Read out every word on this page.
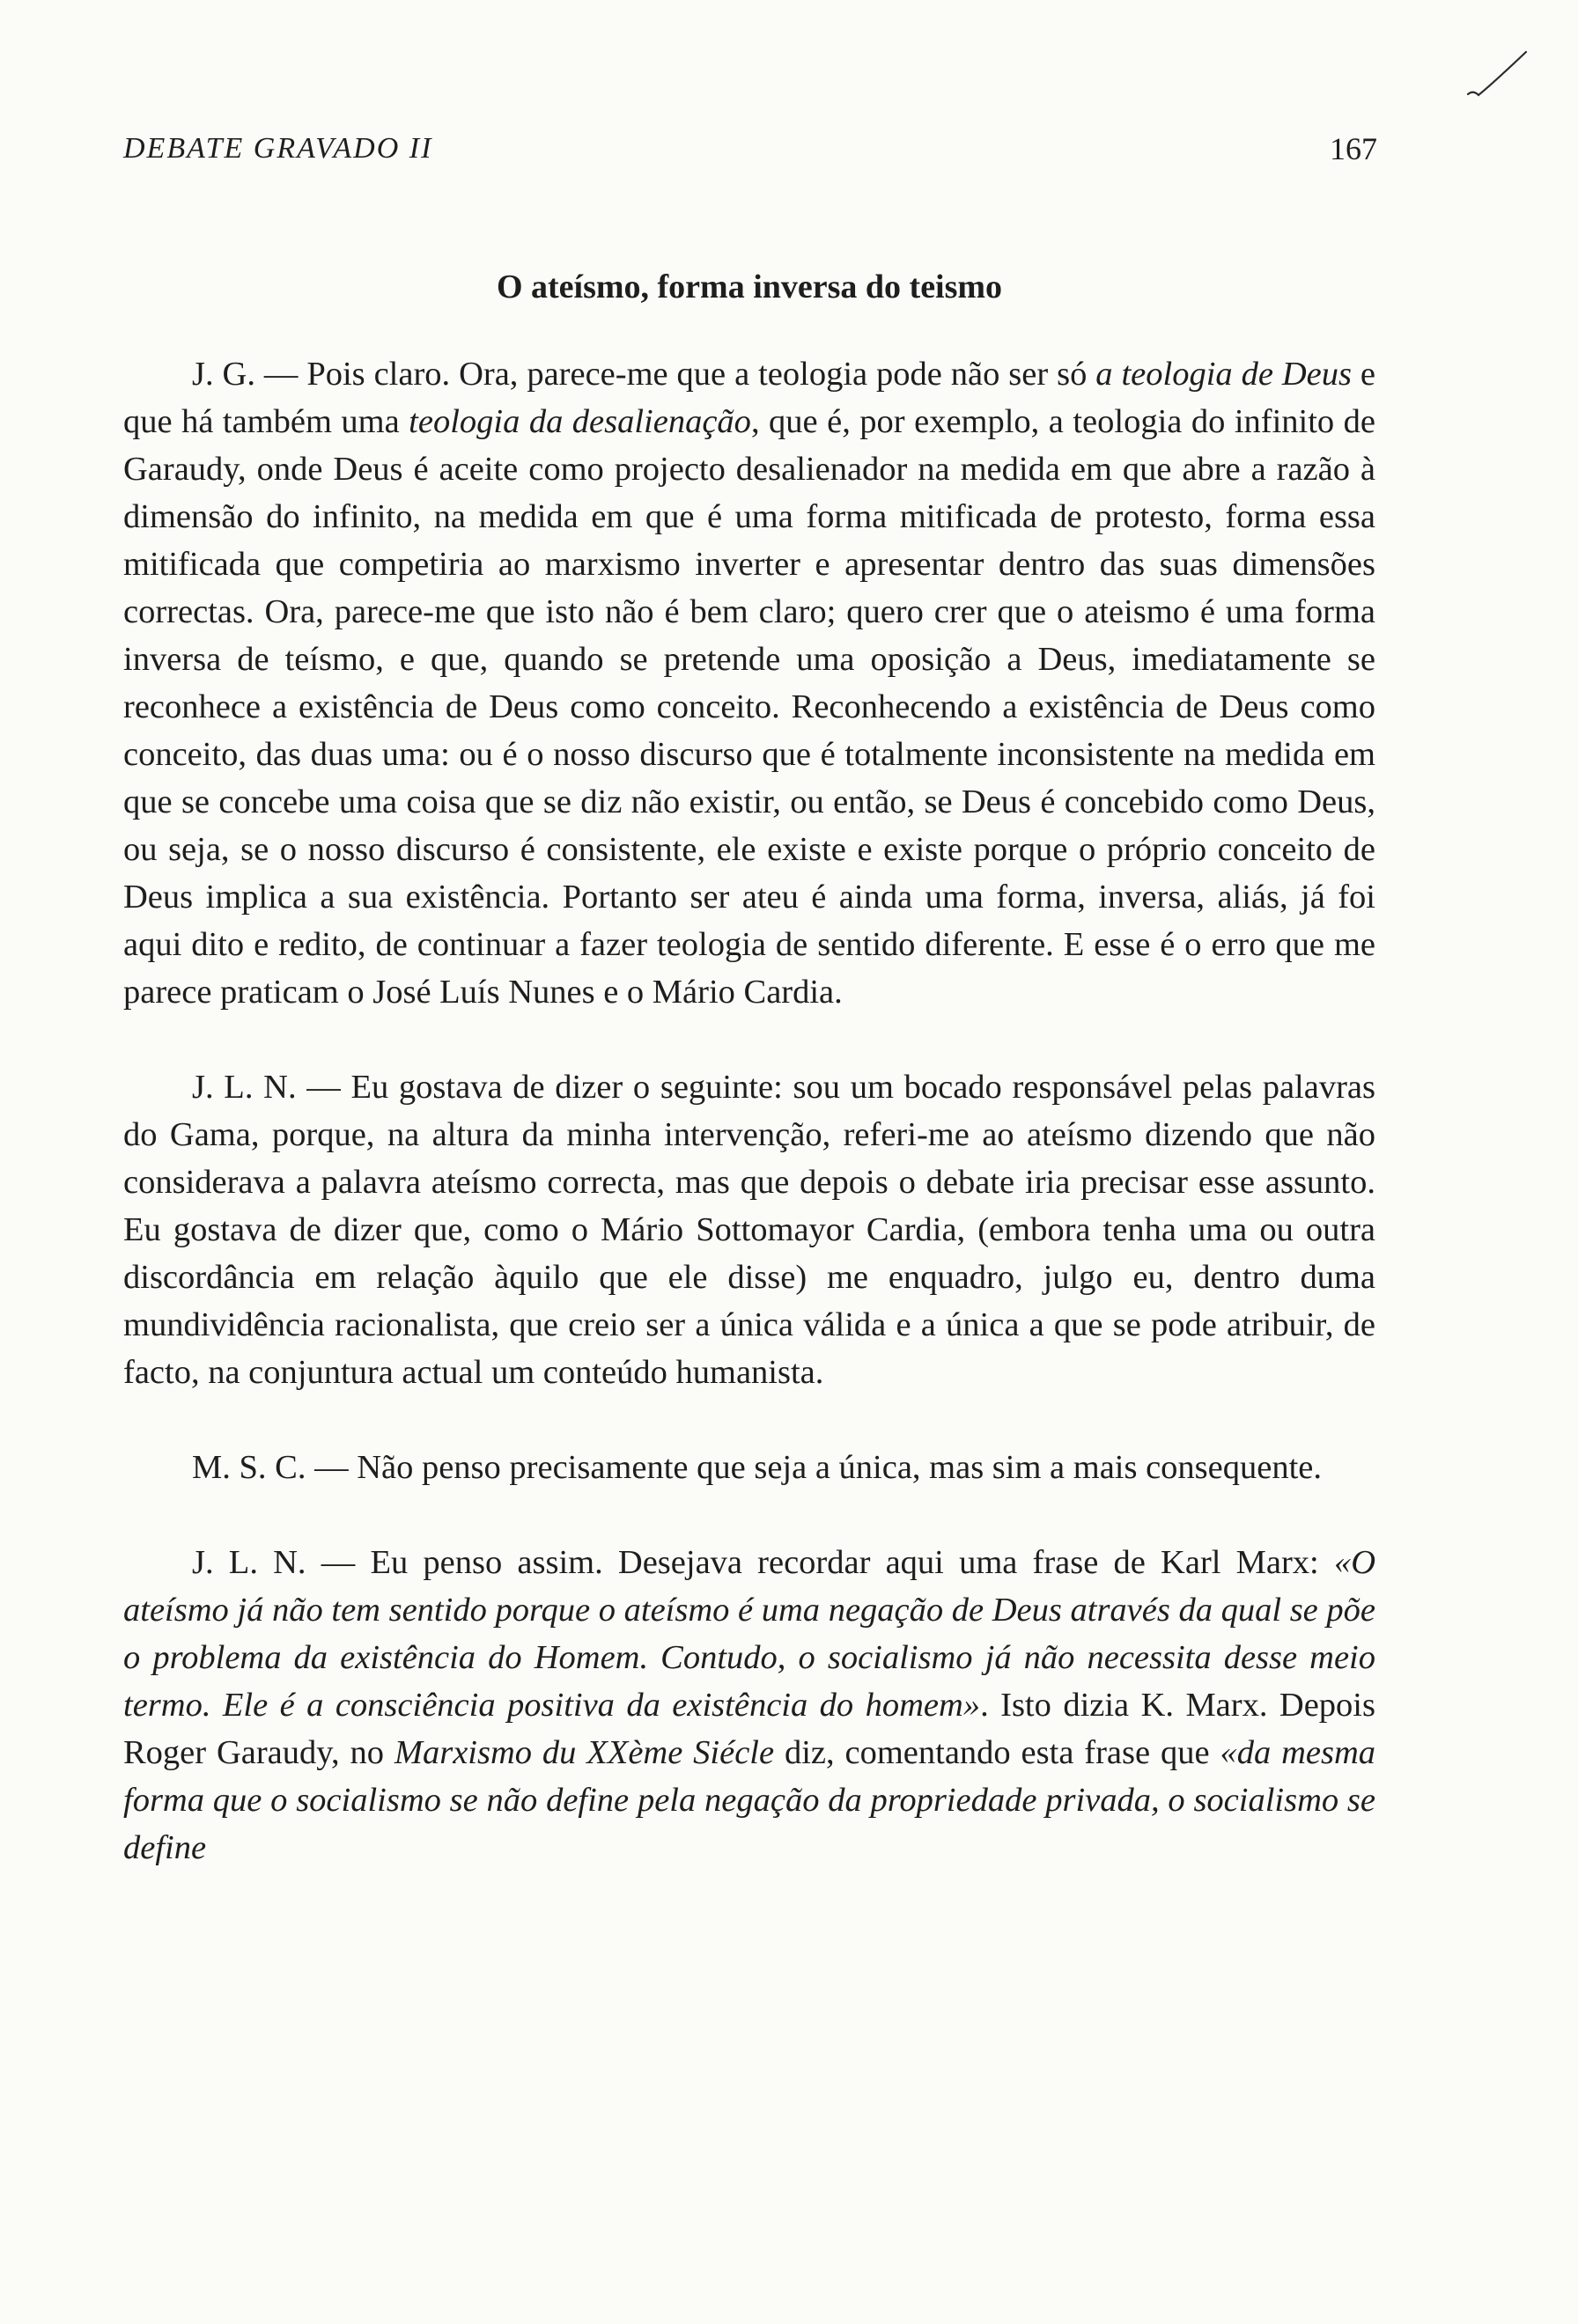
DEBATE GRAVADO II	167
O ateísmo, forma inversa do teismo

J. G. — Pois claro. Ora, parece-me que a teologia pode não ser só a teologia de Deus e que há também uma teologia da desalienação, que é, por exemplo, a teologia do infinito de Garaudy, onde Deus é aceite como projecto desalienador na medida em que abre a razão à dimensão do infinito, na medida em que é uma forma mitificada de protesto, forma essa mitificada que competiria ao marxismo inverter e apresentar dentro das suas dimensões correctas. Ora, parece-me que isto não é bem claro; quero crer que o ateismo é uma forma inversa de teísmo, e que, quando se pretende uma oposição a Deus, imediatamente se reconhece a existência de Deus como conceito. Reconhecendo a existência de Deus como conceito, das duas uma: ou é o nosso discurso que é totalmente inconsistente na medida em que se concebe uma coisa que se diz não existir, ou então, se Deus é concebido como Deus, ou seja, se o nosso discurso é consistente, ele existe e existe porque o próprio conceito de Deus implica a sua existência. Portanto ser ateu é ainda uma forma, inversa, aliás, já foi aqui dito e redito, de continuar a fazer teologia de sentido diferente. E esse é o erro que me parece praticam o José Luís Nunes e o Mário Cardia.

J. L. N. — Eu gostava de dizer o seguinte: sou um bocado responsável pelas palavras do Gama, porque, na altura da minha intervenção, referi-me ao ateísmo dizendo que não considerava a palavra ateísmo correcta, mas que depois o debate iria precisar esse assunto. Eu gostava de dizer que, como o Mário Sottomayor Cardia, (embora tenha uma ou outra discordância em relação àquilo que ele disse) me enquadro, julgo eu, dentro duma mundividência racionalista, que creio ser a única válida e a única a que se pode atribuir, de facto, na conjuntura actual um conteúdo humanista.

M. S. C. — Não penso precisamente que seja a única, mas sim a mais consequente.

J. L. N. — Eu penso assim. Desejava recordar aqui uma frase de Karl Marx: «O ateísmo já não tem sentido porque o ateísmo é uma negação de Deus através da qual se põe o problema da existência do Homem. Contudo, o socialismo já não necessita desse meio termo. Ele é a consciência positiva da existência do homem». Isto dizia K. Marx. Depois Roger Garaudy, no Marxismo du XXème Siécle diz, comentando esta frase que «da mesma forma que o socialismo se não define pela negação da propriedade privada, o socialismo se define
